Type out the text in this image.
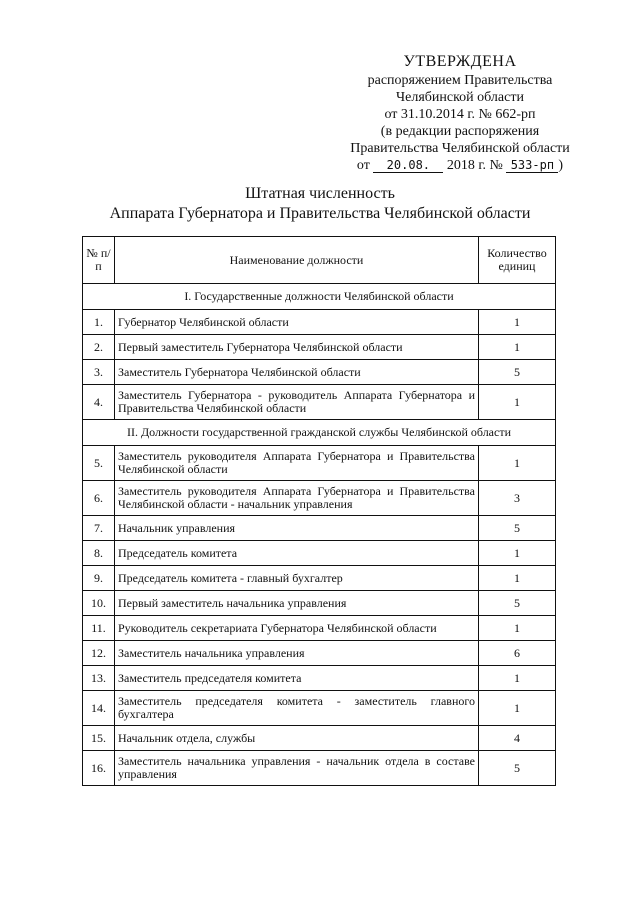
УТВЕРЖДЕНА
распоряжением Правительства
Челябинской области
от 31.10.2014 г. № 662-рп
(в редакции распоряжения
Правительства Челябинской области
от 20.08. 2018 г. № 533-рп )
Штатная численность
Аппарата Губернатора и Правительства Челябинской области
№ п/п	Наименование должности	Количество единиц
I. Государственные должности Челябинской области		
1.	Губернатор Челябинской области	1
2.	Первый заместитель Губернатора Челябинской области	1
3.	Заместитель Губернатора Челябинской области	5
4.	Заместитель Губернатора - руководитель Аппарата Губернатора и Правительства Челябинской области	1
II. Должности государственной гражданской службы Челябинской области		
5.	Заместитель руководителя Аппарата Губернатора и Правительства Челябинской области	1
6.	Заместитель руководителя Аппарата Губернатора и Правительства Челябинской области - начальник управления	3
7.	Начальник управления	5
8.	Председатель комитета	1
9.	Председатель комитета - главный бухгалтер	1
10.	Первый заместитель начальника управления	5
11.	Руководитель секретариата Губернатора Челябинской области	1
12.	Заместитель начальника управления	6
13.	Заместитель председателя комитета	1
14.	Заместитель председателя комитета - заместитель главного бухгалтера	1
15.	Начальник отдела, службы	4
16.	Заместитель начальника управления - начальник отдела в составе управления	5
